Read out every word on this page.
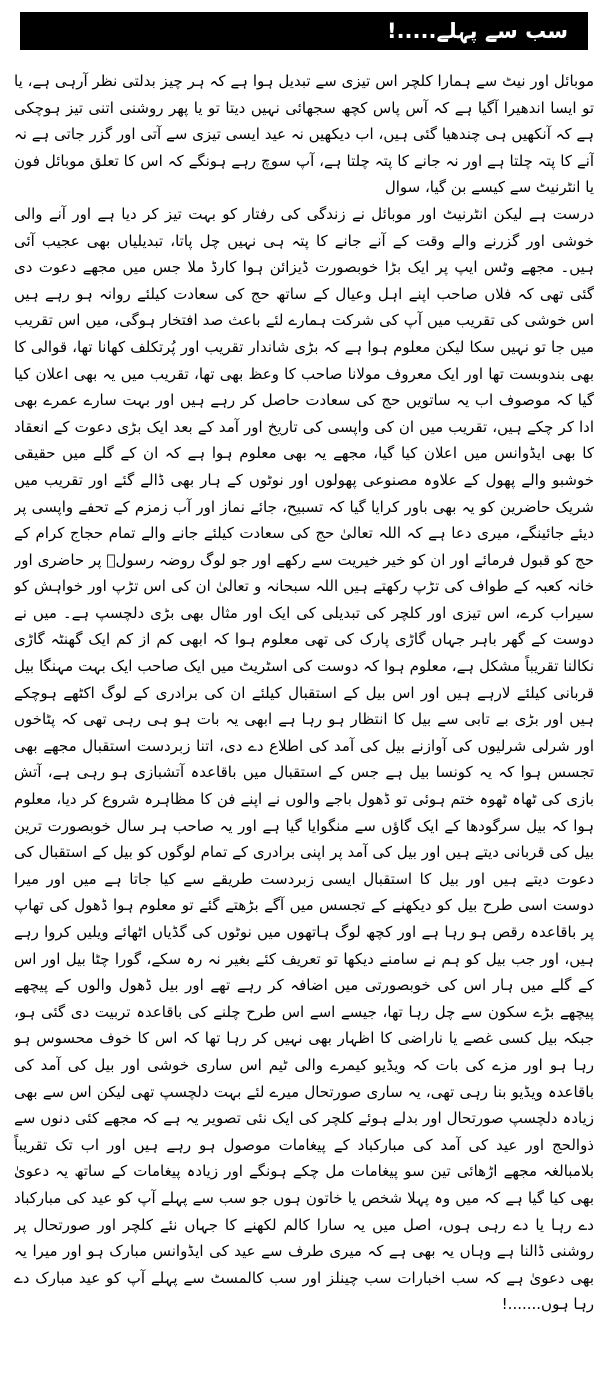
سب سے پہلے.....!

موبائل اور نیٹ سے ہمارا کلچر اس تیزی سے تبدیل ہوا ہے کہ ہر چیز بدلتی نظر آرہی ہے، یا تو ایسا اندھیرا آگیا ہے کہ آس پاس کچھ سجھائی نہیں دیتا تو یا پھر روشنی اتنی تیز ہوچکی ہے کہ آنکھیں ہی چندھیا گئی ہیں، اب دیکھیں نہ عید ایسی تیزی سے آتی اور گزر جاتی ہے نہ آنے کا پتہ چلتا ہے اور نہ جانے کا پتہ چلتا ہے، آپ سوچ رہے ہونگے کہ اس کا تعلق موبائل فون یا انٹرنیٹ سے کیسے بن گیا، سوال

درست ہے لیکن انٹرنیٹ اور موبائل نے زندگی کی رفتار کو بہت تیز کر دیا ہے اور آنے والی خوشی اور گزرنے والے وقت کے آنے جانے کا پتہ ہی نہیں چل پاتا، تبدیلیاں بھی عجیب آئی ہیں۔ مجھے وٹس ایپ پر ایک بڑا خوبصورت ڈیزائن ہوا کارڈ ملا جس میں مجھے دعوت دی گئی تھی کہ فلاں صاحب اپنے اہل وعیال کے ساتھ حج کی سعادت کیلئے روانہ ہو رہے ہیں اس خوشی کی تقریب میں آپ کی شرکت ہمارے لئے باعث صد افتخار ہوگی، میں اس تقریب میں جا تو نہیں سکا لیکن معلوم ہوا ہے کہ بڑی شاندار تقریب اور پُرتکلف کھانا تھا، قوالی کا بھی بندوبست تھا اور ایک معروف مولانا صاحب کا وعظ بھی تھا، تقریب میں یہ بھی اعلان کیا گیا کہ موصوف اب یہ ساتویں حج کی سعادت حاصل کر رہے ہیں اور بہت سارے عمرے بھی ادا کر چکے ہیں، تقریب میں ان کی واپسی کی تاریخ اور آمد کے بعد ایک بڑی دعوت کے انعقاد کا بھی ایڈوانس میں اعلان کیا گیا، مجھے یہ بھی معلوم ہوا ہے کہ ان کے گلے میں حقیقی خوشبو والے پھول کے علاوہ مصنوعی پھولوں اور نوٹوں کے ہار بھی ڈالے گئے اور تقریب میں شریک حاضرین کو یہ بھی باور کرایا گیا کہ تسبیح، جائے نماز اور آب زمزم کے تحفے واپسی پر دیئے جائینگے، میری دعا ہے کہ اللہ تعالیٰ حج کی سعادت کیلئے جانے والے تمام حجاج کرام کے حج کو قبول فرمائے اور ان کو خیر خیریت سے رکھے اور جو لوگ روضہ رسولؐ پر حاضری اور خانہ کعبہ کے طواف کی تڑپ رکھتے ہیں اللہ سبحانہ و تعالیٰ ان کی اس تڑپ اور خواہش کو سیراب کرے، اس تیزی اور کلچر کی تبدیلی کی ایک اور مثال بھی بڑی دلچسپ ہے۔ میں نے دوست کے گھر باہر جہاں گاڑی پارک کی تھی معلوم ہوا کہ ابھی کم از کم ایک گھنٹہ گاڑی نکالنا تقریباً مشکل ہے، معلوم ہوا کہ دوست کی اسٹریٹ میں ایک صاحب ایک بہت مہنگا بیل قربانی کیلئے لارہے ہیں اور اس بیل کے استقبال کیلئے ان کی برادری کے لوگ اکٹھے ہوچکے ہیں اور بڑی بے تابی سے بیل کا انتظار ہو رہا ہے ابھی یہ بات ہو ہی رہی تھی کہ پٹاخوں اور شرلی شرلیوں کی آوازنے بیل کی آمد کی اطلاع دے دی، اتنا زبردست استقبال مجھے بھی تجسس ہوا کہ یہ کونسا بیل ہے جس کے استقبال میں باقاعدہ آتشبازی ہو رہی ہے، آتش بازی کی ٹھاہ ٹھوہ ختم ہوئی تو ڈھول باجے والوں نے اپنے فن کا مظاہرہ شروع کر دیا، معلوم ہوا کہ بیل سرگودھا کے ایک گاؤں سے منگوایا گیا ہے اور یہ صاحب ہر سال خوبصورت ترین بیل کی قربانی دیتے ہیں اور بیل کی آمد پر اپنی برادری کے تمام لوگوں کو بیل کے استقبال کی دعوت دیتے ہیں اور بیل کا استقبال ایسی زبردست طریقے سے کیا جاتا ہے میں اور میرا دوست اسی طرح بیل کو دیکھنے کے تجسس میں آگے بڑھتے گئے تو معلوم ہوا ڈھول کی تھاپ پر باقاعدہ رقص ہو رہا ہے اور کچھ لوگ ہاتھوں میں نوٹوں کی گڈیاں اٹھائے ویلیں کروا رہے ہیں، اور جب بیل کو ہم نے سامنے دیکھا تو تعریف کئے بغیر نہ رہ سکے، گورا چٹا بیل اور اس کے گلے میں ہار اس کی خوبصورتی میں اضافہ کر رہے تھے اور بیل ڈھول والوں کے پیچھے پیچھے بڑے سکون سے چل رہا تھا، جیسے اسے اس طرح چلنے کی باقاعدہ تربیت دی گئی ہو، جبکہ بیل کسی غصے یا ناراضی کا اظہار بھی نہیں کر رہا تھا کہ اس کا خوف محسوس ہو رہا ہو اور مزے کی بات کہ ویڈیو کیمرے والی ٹیم اس ساری خوشی اور بیل کی آمد کی باقاعدہ ویڈیو بنا رہی تھی، یہ ساری صورتحال میرے لئے بہت دلچسپ تھی لیکن اس سے بھی زیادہ دلچسپ صورتحال اور بدلے ہوئے کلچر کی ایک نئی تصویر یہ ہے کہ مجھے کئی دنوں سے ذوالحج اور عید کی آمد کی مبارکباد کے پیغامات موصول ہو رہے ہیں اور اب تک تقریباً بلامبالغہ مجھے اڑھائی تین سو پیغامات مل چکے ہونگے اور زیادہ پیغامات کے ساتھ یہ دعویٰ بھی کیا گیا ہے کہ میں وہ پہلا شخص یا خاتون ہوں جو سب سے پہلے آپ کو عید کی مبارکباد دے رہا یا دے رہی ہوں، اصل میں یہ سارا کالم لکھنے کا جہاں نئے کلچر اور صورتحال پر روشنی ڈالنا ہے وہاں یہ بھی ہے کہ میری طرف سے عید کی ایڈوانس مبارک ہو اور میرا یہ بھی دعویٰ ہے کہ سب اخبارات سب چینلز اور سب کالمسٹ سے پہلے آپ کو عید مبارک دے رہا ہوں.......!
